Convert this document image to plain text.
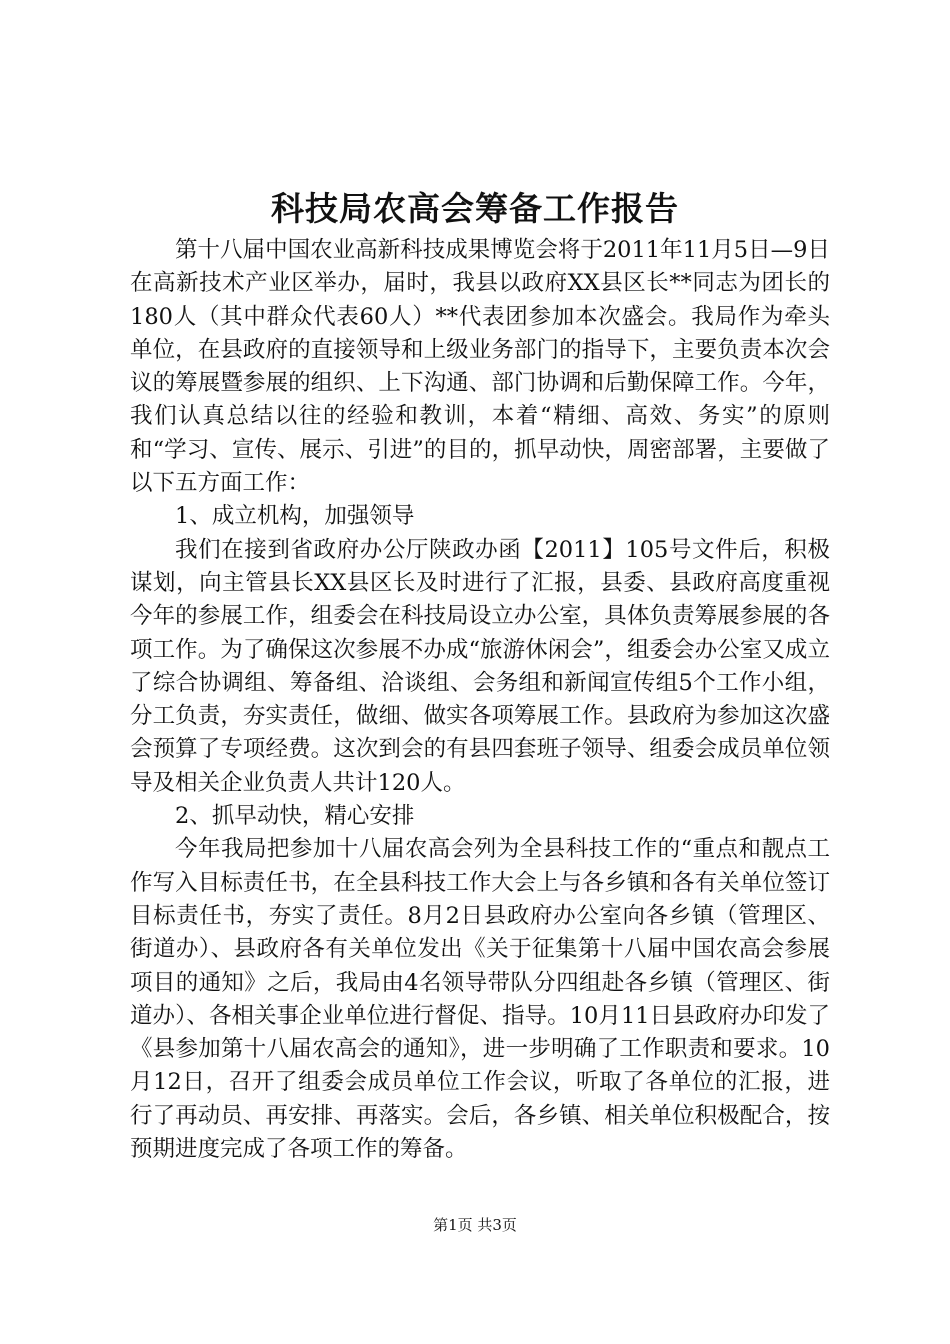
科技局农高会筹备工作报告

第十八届中国农业高新科技成果博览会将于2011年11月5日—9日在高新技术产业区举办，届时，我县以政府XX县区长**同志为团长的180人（其中群众代表60人）**代表团参加本次盛会。我局作为牵头单位，在县政府的直接领导和上级业务部门的指导下，主要负责本次会议的筹展暨参展的组织、上下沟通、部门协调和后勤保障工作。今年，我们认真总结以往的经验和教训，本着“精细、高效、务实”的原则和“学习、宣传、展示、引进”的目的，抓早动快，周密部署，主要做了以下五方面工作：

1、成立机构，加强领导

我们在接到省政府办公厅陕政办函【2011】105号文件后，积极谋划，向主管县长XX县区长及时进行了汇报，县委、县政府高度重视今年的参展工作，组委会在科技局设立办公室，具体负责筹展参展的各项工作。为了确保这次参展不办成“旅游休闲会”，组委会办公室又成立了综合协调组、筹备组、洽谈组、会务组和新闻宣传组5个工作小组，分工负责，夯实责任，做细、做实各项筹展工作。县政府为参加这次盛会预算了专项经费。这次到会的有县四套班子领导、组委会成员单位领导及相关企业负责人共计120人。

2、抓早动快，精心安排

今年我局把参加十八届农高会列为全县科技工作的“重点和靓点工作写入目标责任书，在全县科技工作大会上与各乡镇和各有关单位签订目标责任书，夯实了责任。8月2日县政府办公室向各乡镇（管理区、街道办）、县政府各有关单位发出《关于征集第十八届中国农高会参展项目的通知》之后，我局由4名领导带队分四组赴各乡镇（管理区、街道办）、各相关事企业单位进行督促、指导。10月11日县政府办印发了《县参加第十八届农高会的通知》，进一步明确了工作职责和要求。10月12日，召开了组委会成员单位工作会议，听取了各单位的汇报，进行了再动员、再安排、再落实。会后，各乡镇、相关单位积极配合，按预期进度完成了各项工作的筹备。

第1页 共3页
